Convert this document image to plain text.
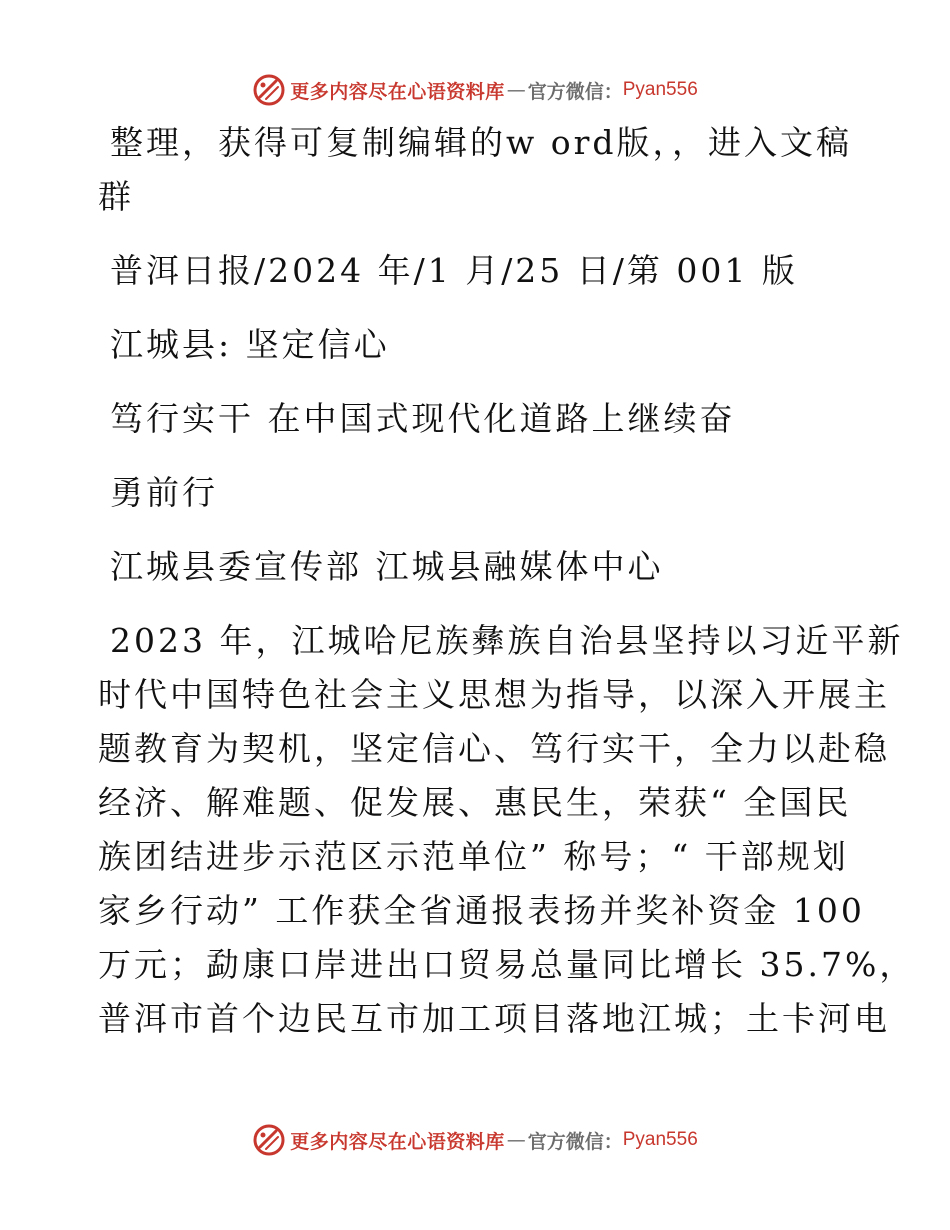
更多内容尽在心语资料库 — 官方微信： Pyan556
整理，获得可复制编辑的w ord版，，进入文稿
群
普洱日报/2024 年/1 月/25 日/第 001 版
江城县: 坚定信心
笃行实干 在中国式现代化道路上继续奋
勇前行
江城县委宣传部 江城县融媒体中心
2023 年，江城哈尼族彝族自治县坚持以习近平新
时代中国特色社会主义思想为指导，以深入开展主
题教育为契机，坚定信心、笃行实干，全力以赴稳
经济、解难题、促发展、惠民生，荣获“ 全国民
族团结进步示范区示范单位” 称号；“ 干部规划
家乡行动” 工作获全省通报表扬并奖补资金 100
万元；勐康口岸进出口贸易总量同比增长 35.7%，
普洱市首个边民互市加工项目落地江城；土卡河电
更多内容尽在心语资料库 — 官方微信： Pyan556
